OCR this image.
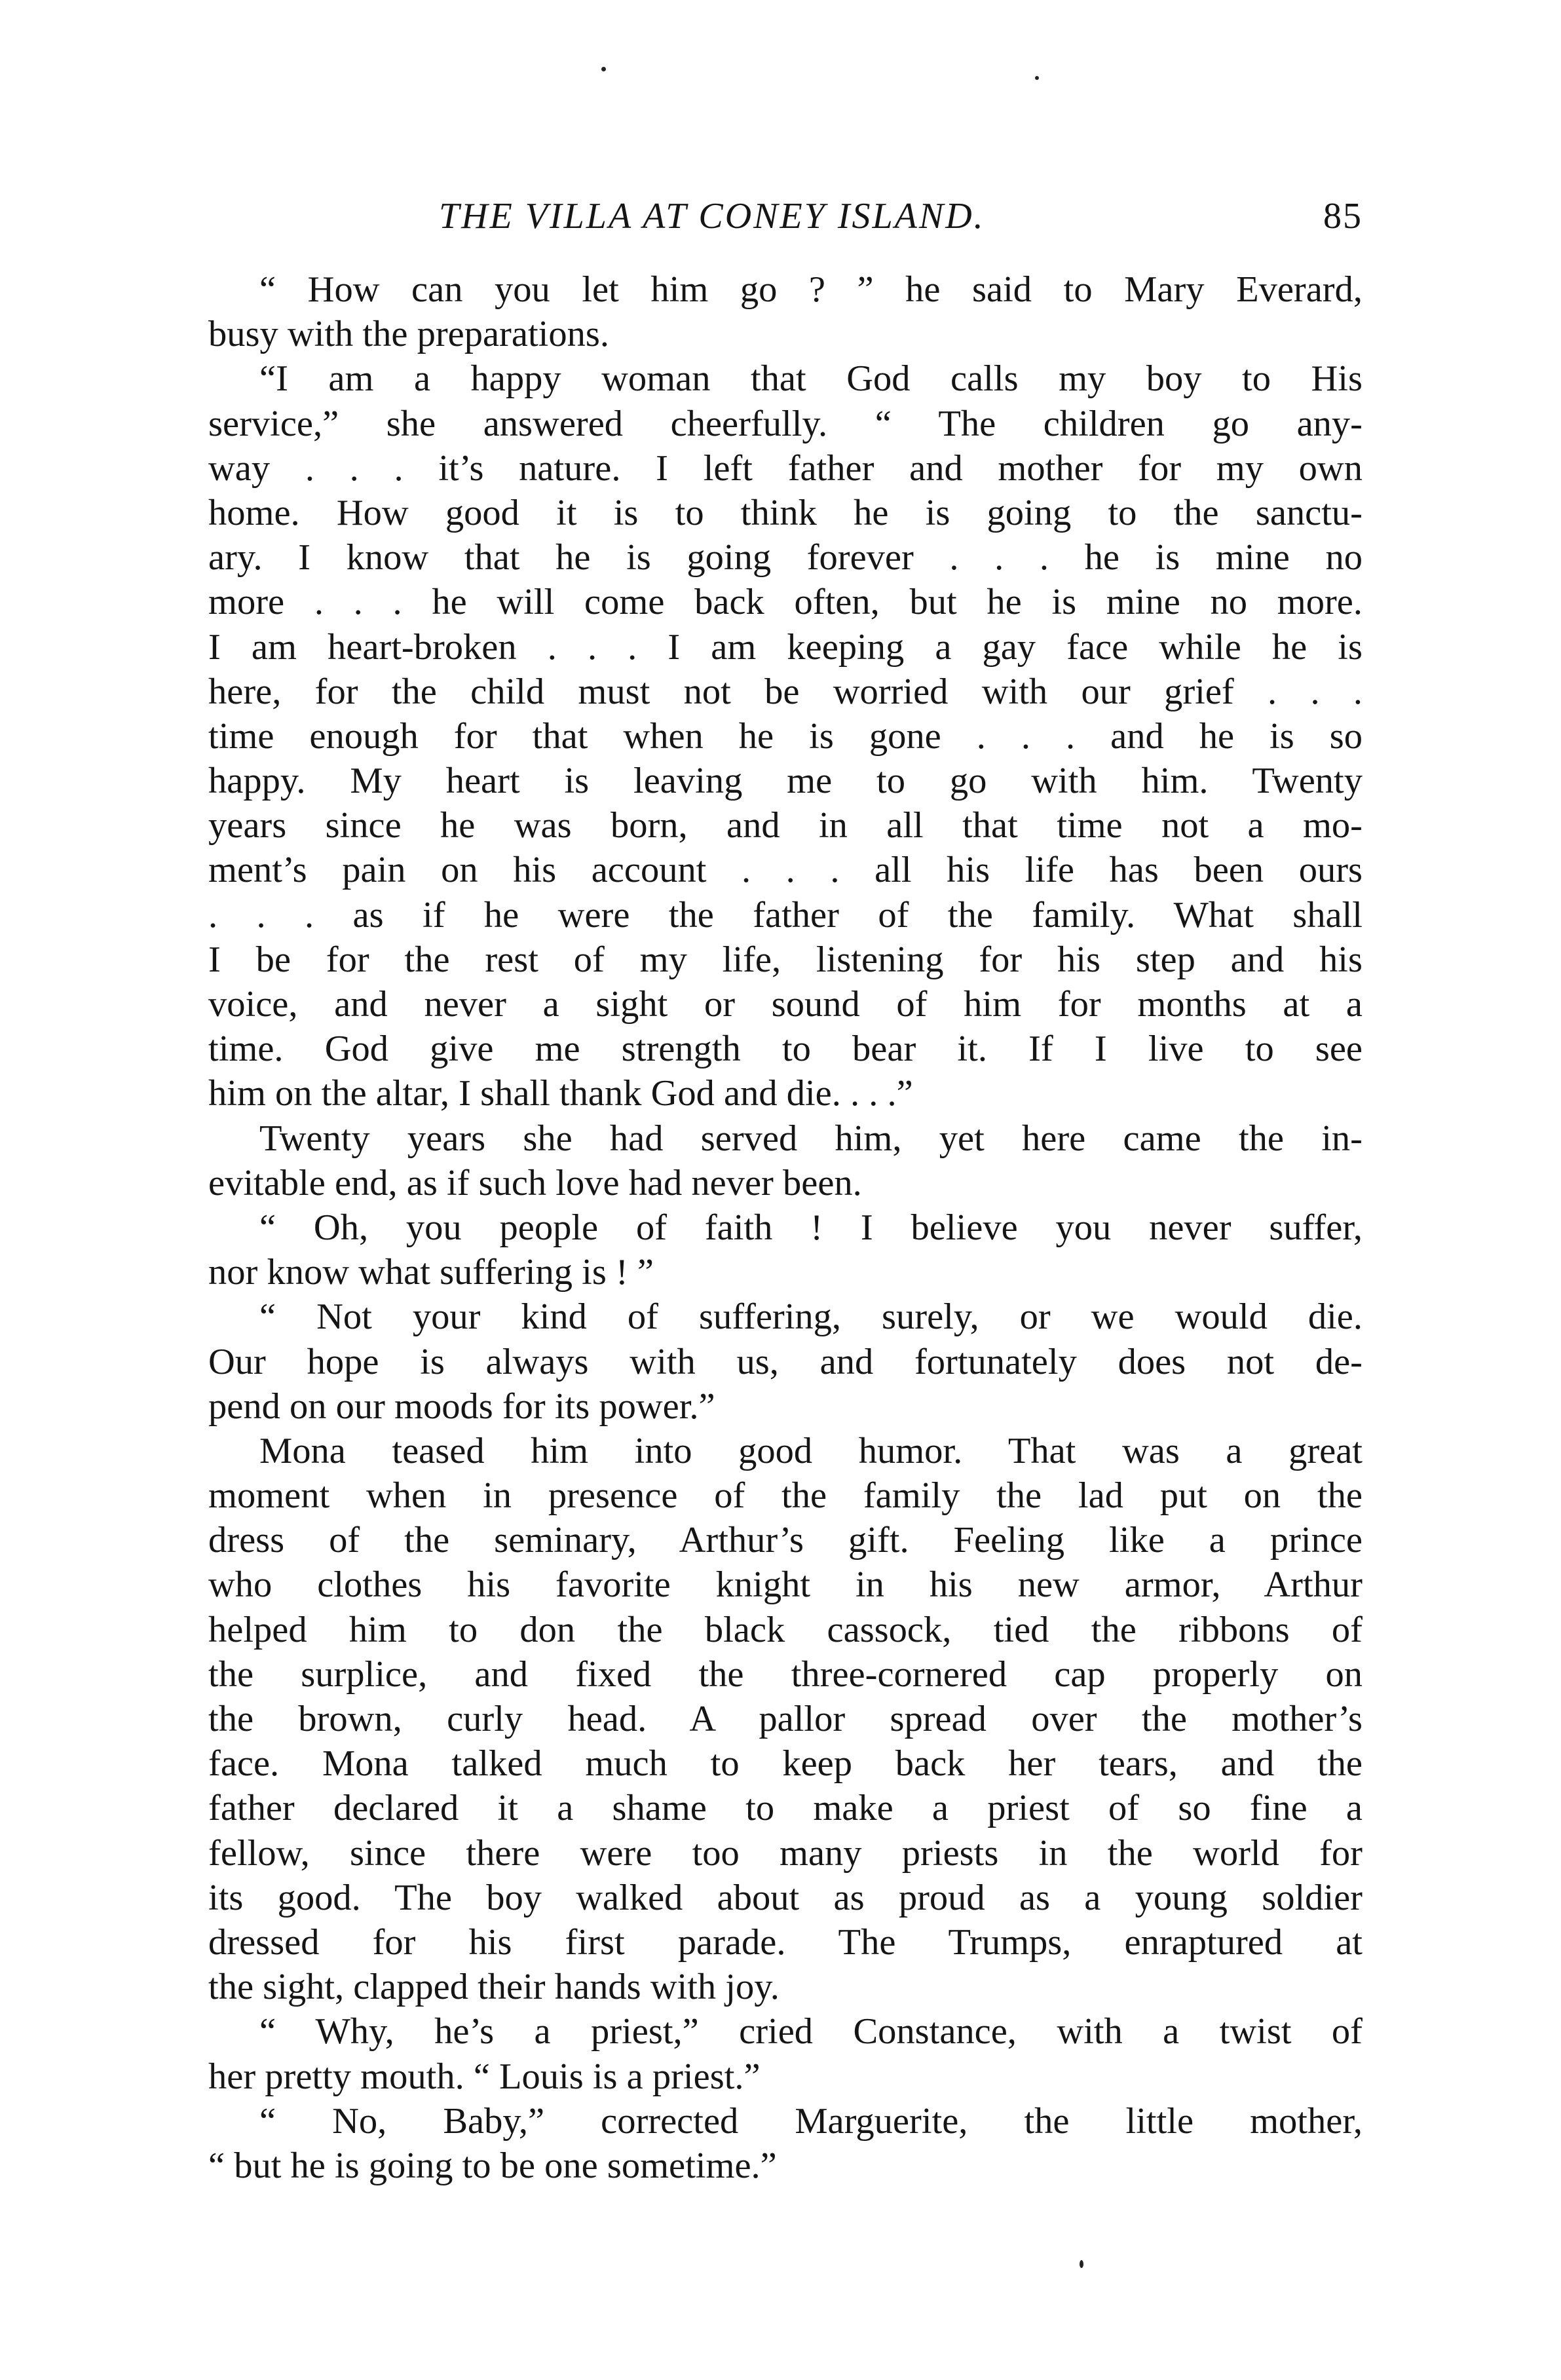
THE VILLA AT CONEY ISLAND.	85
“ How can you let him go ? ” he said to Mary Everard,
busy with the preparations.
“I am a happy woman that God calls my boy to His
service,” she answered cheerfully. “ The children go any-
way . . . it’s nature. I left father and mother for my own
home. How good it is to think he is going to the sanctu-
ary. I know that he is going forever . . . he is mine no
more . . . he will come back often, but he is mine no more.
I am heart-broken . . . I am keeping a gay face while he is
here, for the child must not be worried with our grief . . .
time enough for that when he is gone . . . and he is so
happy. My heart is leaving me to go with him. Twenty
years since he was born, and in all that time not a mo-
ment’s pain on his account . . . all his life has been ours
. . . as if he were the father of the family. What shall
I be for the rest of my life, listening for his step and his
voice, and never a sight or sound of him for months at a
time. God give me strength to bear it. If I live to see
him on the altar, I shall thank God and die. . . .”
Twenty years she had served him, yet here came the in-
evitable end, as if such love had never been.
“ Oh, you people of faith ! I believe you never suffer,
nor know what suffering is ! ”
“ Not your kind of suffering, surely, or we would die.
Our hope is always with us, and fortunately does not de-
pend on our moods for its power.”
Mona teased him into good humor. That was a great
moment when in presence of the family the lad put on the
dress of the seminary, Arthur’s gift. Feeling like a prince
who clothes his favorite knight in his new armor, Arthur
helped him to don the black cassock, tied the ribbons of
the surplice, and fixed the three-cornered cap properly on
the brown, curly head. A pallor spread over the mother’s
face. Mona talked much to keep back her tears, and the
father declared it a shame to make a priest of so fine a
fellow, since there were too many priests in the world for
its good. The boy walked about as proud as a young soldier
dressed for his first parade. The Trumps, enraptured at
the sight, clapped their hands with joy.
“ Why, he’s a priest,” cried Constance, with a twist of
her pretty mouth. “ Louis is a priest.”
“ No, Baby,” corrected Marguerite, the little mother,
“ but he is going to be one sometime.”
